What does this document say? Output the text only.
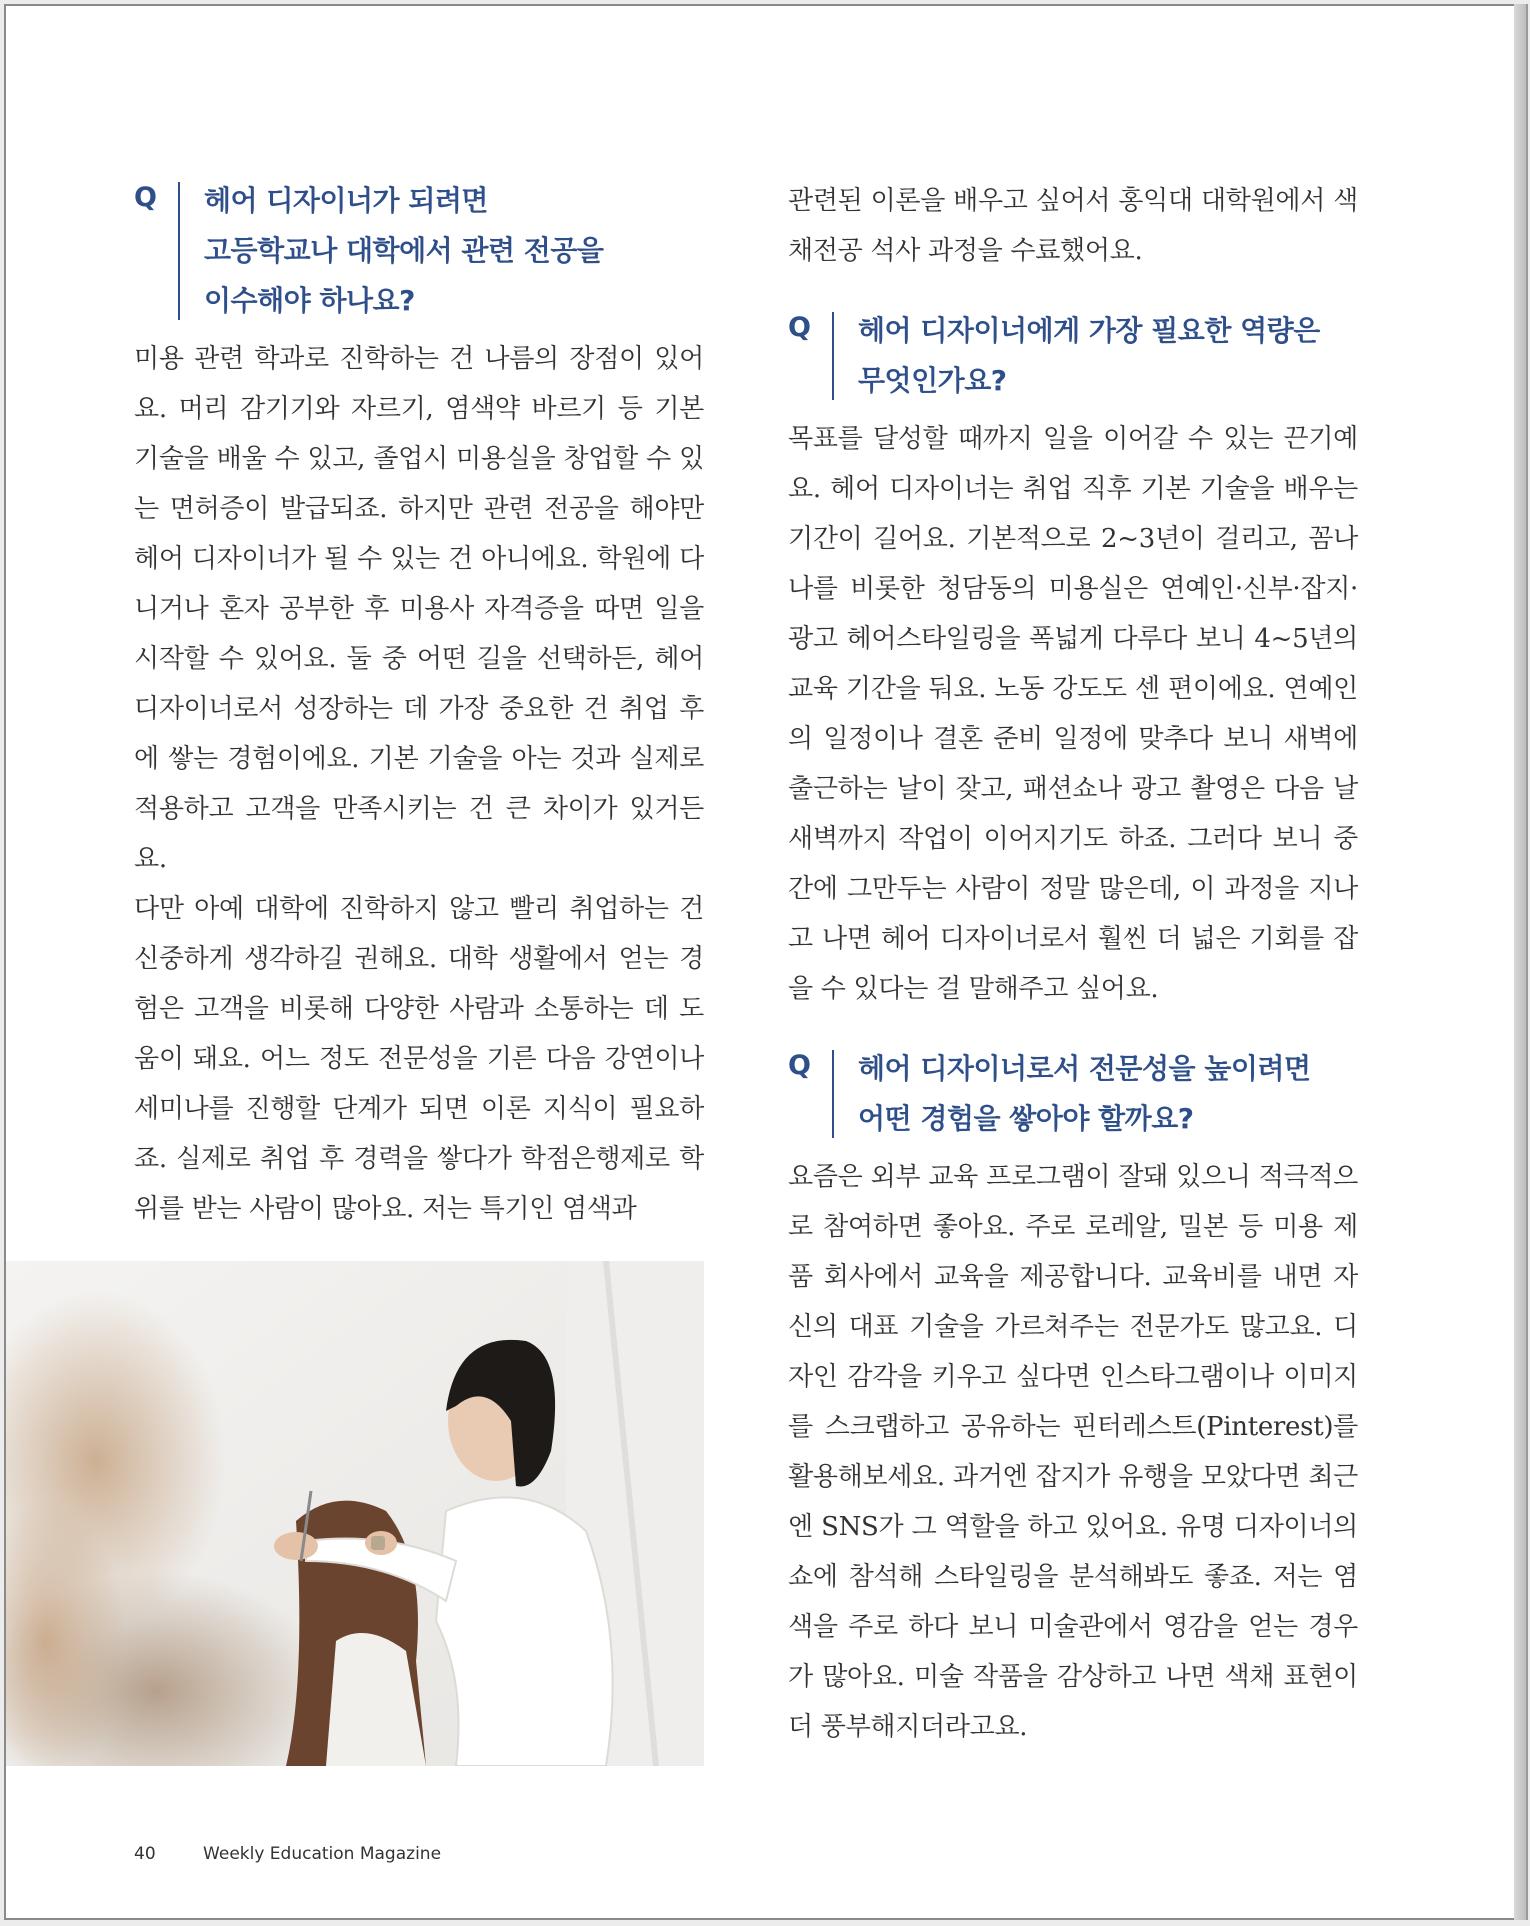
Q	헤어 디자이너가 되려면
고등학교나 대학에서 관련 전공을
이수해야 하나요?

미용 관련 학과로 진학하는 건 나름의 장점이 있어요. 머리 감기기와 자르기, 염색약 바르기 등 기본 기술을 배울 수 있고, 졸업시 미용실을 창업할 수 있는 면허증이 발급되죠. 하지만 관련 전공을 해야만 헤어 디자이너가 될 수 있는 건 아니에요. 학원에 다니거나 혼자 공부한 후 미용사 자격증을 따면 일을 시작할 수 있어요. 둘 중 어떤 길을 선택하든, 헤어 디자이너로서 성장하는 데 가장 중요한 건 취업 후에 쌓는 경험이에요. 기본 기술을 아는 것과 실제로 적용하고 고객을 만족시키는 건 큰 차이가 있거든요.

다만 아예 대학에 진학하지 않고 빨리 취업하는 건 신중하게 생각하길 권해요. 대학 생활에서 얻는 경험은 고객을 비롯해 다양한 사람과 소통하는 데 도움이 돼요. 어느 정도 전문성을 기른 다음 강연이나 세미나를 진행할 단계가 되면 이론 지식이 필요하죠. 실제로 취업 후 경력을 쌓다가 학점은행제로 학위를 받는 사람이 많아요. 저는 특기인 염색과

관련된 이론을 배우고 싶어서 홍익대 대학원에서 색채전공 석사 과정을 수료했어요.

Q	헤어 디자이너에게 가장 필요한 역량은
무엇인가요?

목표를 달성할 때까지 일을 이어갈 수 있는 끈기예요. 헤어 디자이너는 취업 직후 기본 기술을 배우는 기간이 길어요. 기본적으로 2~3년이 걸리고, 꼼나나를 비롯한 청담동의 미용실은 연예인·신부·잡지·광고 헤어스타일링을 폭넓게 다루다 보니 4~5년의 교육 기간을 둬요. 노동 강도도 센 편이에요. 연예인의 일정이나 결혼 준비 일정에 맞추다 보니 새벽에 출근하는 날이 잦고, 패션쇼나 광고 촬영은 다음 날 새벽까지 작업이 이어지기도 하죠. 그러다 보니 중간에 그만두는 사람이 정말 많은데, 이 과정을 지나고 나면 헤어 디자이너로서 훨씬 더 넓은 기회를 잡을 수 있다는 걸 말해주고 싶어요.

Q	헤어 디자이너로서 전문성을 높이려면
어떤 경험을 쌓아야 할까요?

요즘은 외부 교육 프로그램이 잘돼 있으니 적극적으로 참여하면 좋아요. 주로 로레알, 밀본 등 미용 제품 회사에서 교육을 제공합니다. 교육비를 내면 자신의 대표 기술을 가르쳐주는 전문가도 많고요. 디자인 감각을 키우고 싶다면 인스타그램이나 이미지를 스크랩하고 공유하는 핀터레스트(Pinterest)를 활용해보세요. 과거엔 잡지가 유행을 모았다면 최근엔 SNS가 그 역할을 하고 있어요. 유명 디자이너의 쇼에 참석해 스타일링을 분석해봐도 좋죠. 저는 염색을 주로 하다 보니 미술관에서 영감을 얻는 경우가 많아요. 미술 작품을 감상하고 나면 색채 표현이 더 풍부해지더라고요.

40	Weekly Education Magazine
